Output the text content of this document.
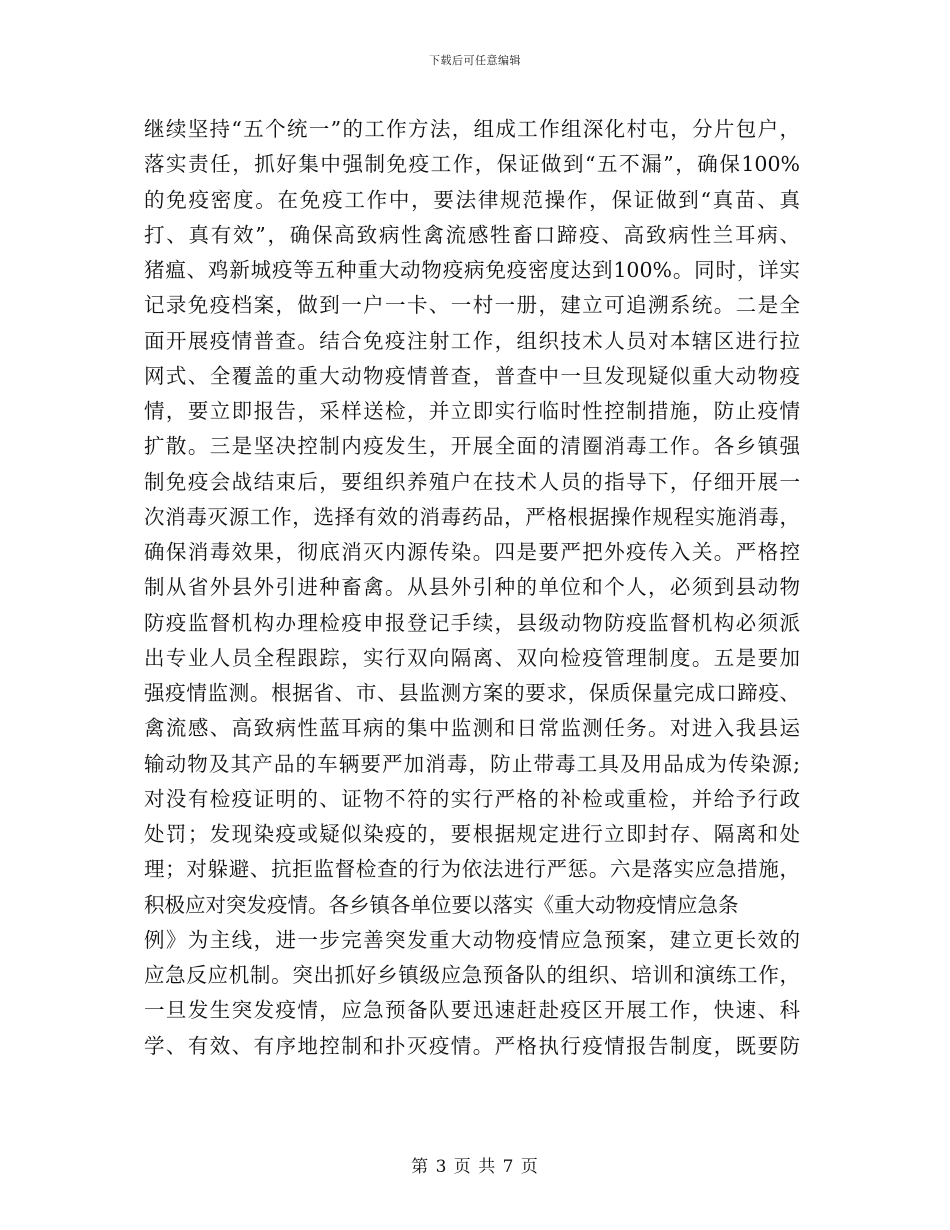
下载后可任意编辑
继续坚持“五个统一”的工作方法，组成工作组深化村屯，分片包户，
落实责任，抓好集中强制免疫工作，保证做到“五不漏”，确保100%
的免疫密度。在免疫工作中，要法律规范操作，保证做到“真苗、真
打、真有效”，确保高致病性禽流感牲畜口蹄疫、高致病性兰耳病、
猪瘟、鸡新城疫等五种重大动物疫病免疫密度达到100%。同时，详实
记录免疫档案，做到一户一卡、一村一册，建立可追溯系统。二是全
面开展疫情普查。结合免疫注射工作，组织技术人员对本辖区进行拉
网式、全覆盖的重大动物疫情普查，普查中一旦发现疑似重大动物疫
情，要立即报告，采样送检，并立即实行临时性控制措施，防止疫情
扩散。三是坚决控制内疫发生，开展全面的清圈消毒工作。各乡镇强
制免疫会战结束后，要组织养殖户在技术人员的指导下，仔细开展一
次消毒灭源工作，选择有效的消毒药品，严格根据操作规程实施消毒，
确保消毒效果，彻底消灭内源传染。四是要严把外疫传入关。严格控
制从省外县外引进种畜禽。从县外引种的单位和个人，必须到县动物
防疫监督机构办理检疫申报登记手续，县级动物防疫监督机构必须派
出专业人员全程跟踪，实行双向隔离、双向检疫管理制度。五是要加
强疫情监测。根据省、市、县监测方案的要求，保质保量完成口蹄疫、
禽流感、高致病性蓝耳病的集中监测和日常监测任务。对进入我县运
输动物及其产品的车辆要严加消毒，防止带毒工具及用品成为传染源;
对没有检疫证明的、证物不符的实行严格的补检或重检，并给予行政
处罚；发现染疫或疑似染疫的，要根据规定进行立即封存、隔离和处
理；对躲避、抗拒监督检查的行为依法进行严惩。六是落实应急措施，
积极应对突发疫情。各乡镇各单位要以落实《重大动物疫情应急条
例》为主线，进一步完善突发重大动物疫情应急预案，建立更长效的
应急反应机制。突出抓好乡镇级应急预备队的组织、培训和演练工作，
一旦发生突发疫情，应急预备队要迅速赶赴疫区开展工作，快速、科
学、有效、有序地控制和扑灭疫情。严格执行疫情报告制度，既要防
第 3 页 共 7 页
